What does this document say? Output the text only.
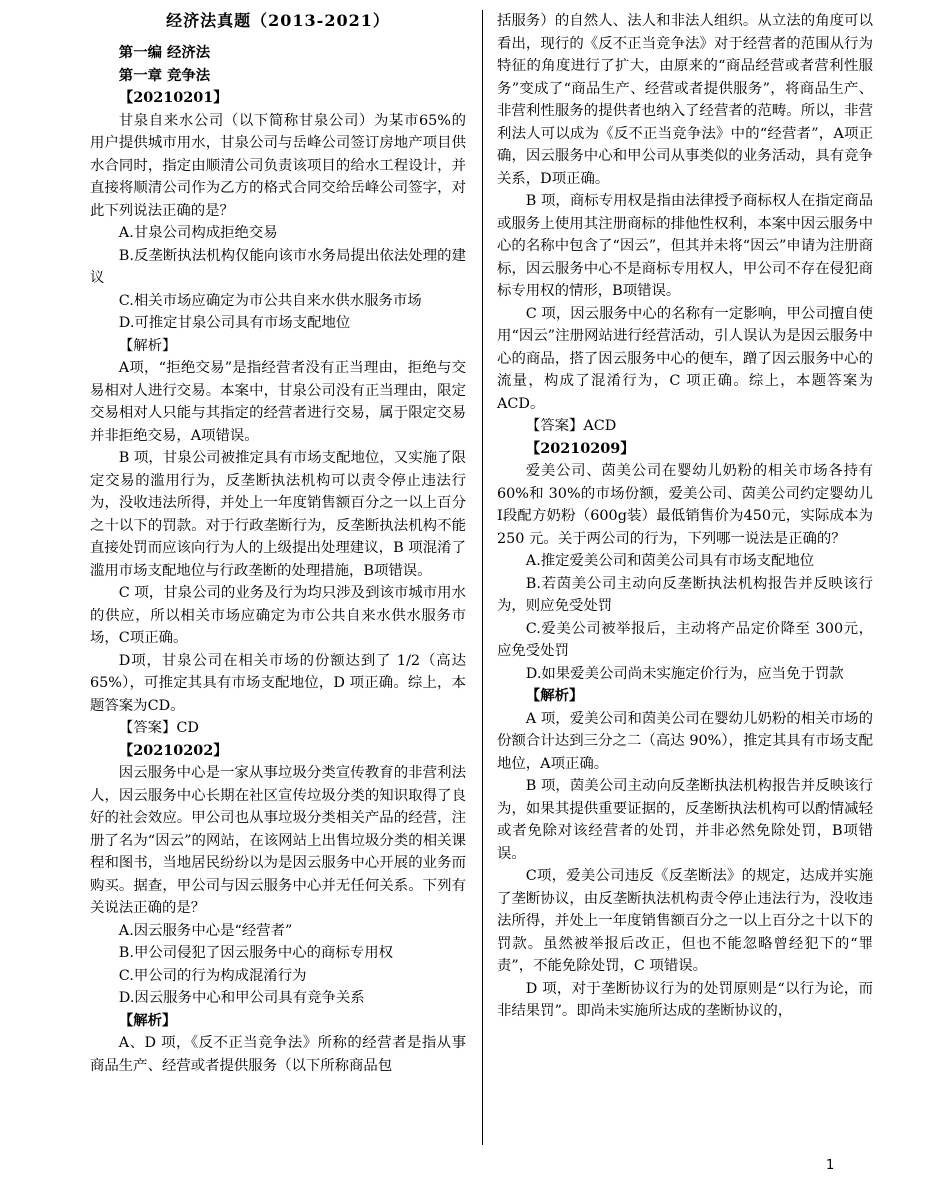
经济法真题（2013-2021）

第一编 经济法

第一章 竞争法

【20210201】

甘泉自来水公司（以下简称甘泉公司）为某市65%的用户提供城市用水，甘泉公司与岳峰公司签订房地产项目供水合同时，指定由顺清公司负责该项目的给水工程设计，并直接将顺清公司作为乙方的格式合同交给岳峰公司签字，对此下列说法正确的是？

A.甘泉公司构成拒绝交易

B.反垄断执法机构仅能向该市水务局提出依法处理的建议

C.相关市场应确定为市公共自来水供水服务市场

D.可推定甘泉公司具有市场支配地位

【解析】

A项，“拒绝交易”是指经营者没有正当理由，拒绝与交易相对人进行交易。本案中，甘泉公司没有正当理由，限定交易相对人只能与其指定的经营者进行交易，属于限定交易并非拒绝交易，A项错误。

B 项，甘泉公司被推定具有市场支配地位，又实施了限定交易的滥用行为，反垄断执法机构可以责令停止违法行为，没收违法所得，并处上一年度销售额百分之一以上百分之十以下的罚款。对于行政垄断行为，反垄断执法机构不能直接处罚而应该向行为人的上级提出处理建议，B 项混淆了滥用市场支配地位与行政垄断的处理措施，B项错误。

C 项，甘泉公司的业务及行为均只涉及到该市城市用水的供应，所以相关市场应确定为市公共自来水供水服务市场，C项正确。

D项，甘泉公司在相关市场的份额达到了 1/2（高达 65%），可推定其具有市场支配地位，D 项正确。综上，本题答案为CD。

【答案】CD

【20210202】

因云服务中心是一家从事垃圾分类宣传教育的非营利法人，因云服务中心长期在社区宣传垃圾分类的知识取得了良好的社会效应。甲公司也从事垃圾分类相关产品的经营，注册了名为“因云”的网站，在该网站上出售垃圾分类的相关课程和图书，当地居民纷纷以为是因云服务中心开展的业务而购买。据查，甲公司与因云服务中心并无任何关系。下列有关说法正确的是？

A.因云服务中心是“经营者”

B.甲公司侵犯了因云服务中心的商标专用权

C.甲公司的行为构成混淆行为

D.因云服务中心和甲公司具有竞争关系

【解析】

A、D 项，《反不正当竞争法》所称的经营者是指从事商品生产、经营或者提供服务（以下所称商品包

括服务）的自然人、法人和非法人组织。从立法的角度可以看出，现行的《反不正当竞争法》对于经营者的范围从行为特征的角度进行了扩大，由原来的“商品经营或者营利性服务”变成了“商品生产、经营或者提供服务”，将商品生产、非营利性服务的提供者也纳入了经营者的范畴。所以，非营利法人可以成为《反不正当竞争法》中的“经营者”，A项正确，因云服务中心和甲公司从事类似的业务活动，具有竞争关系，D项正确。

B 项，商标专用权是指由法律授予商标权人在指定商品或服务上使用其注册商标的排他性权利，本案中因云服务中心的名称中包含了“因云”，但其并未将“因云”申请为注册商标，因云服务中心不是商标专用权人，甲公司不存在侵犯商标专用权的情形，B项错误。

C 项，因云服务中心的名称有一定影响，甲公司擅自使用“因云”注册网站进行经营活动，引人误认为是因云服务中心的商品，搭了因云服务中心的便车，蹭了因云服务中心的流量，构成了混淆行为，C 项正确。综上，本题答案为ACD。

【答案】ACD

【20210209】

爱美公司、茵美公司在婴幼儿奶粉的相关市场各持有 60%和 30%的市场份额，爱美公司、茵美公司约定婴幼儿Ⅰ段配方奶粉（600g装）最低销售价为450元，实际成本为 250 元。关于两公司的行为，下列哪一说法是正确的？

A.推定爱美公司和茵美公司具有市场支配地位

B.若茵美公司主动向反垄断执法机构报告并反映该行为，则应免受处罚

C.爱美公司被举报后，主动将产品定价降至 300元，应免受处罚

D.如果爱美公司尚未实施定价行为，应当免于罚款

【解析】

A 项，爱美公司和茵美公司在婴幼儿奶粉的相关市场的份额合计达到三分之二（高达 90%），推定其具有市场支配地位，A项正确。

B 项，茵美公司主动向反垄断执法机构报告并反映该行为，如果其提供重要证据的，反垄断执法机构可以酌情减轻或者免除对该经营者的处罚，并非必然免除处罚，B项错误。

C项，爱美公司违反《反垄断法》的规定，达成并实施了垄断协议，由反垄断执法机构责令停止违法行为，没收违法所得，并处上一年度销售额百分之一以上百分之十以下的罚款。虽然被举报后改正，但也不能忽略曾经犯下的“罪责”，不能免除处罚，C 项错误。

D 项，对于垄断协议行为的处罚原则是“以行为论，而非结果罚”。即尚未实施所达成的垄断协议的，

1
